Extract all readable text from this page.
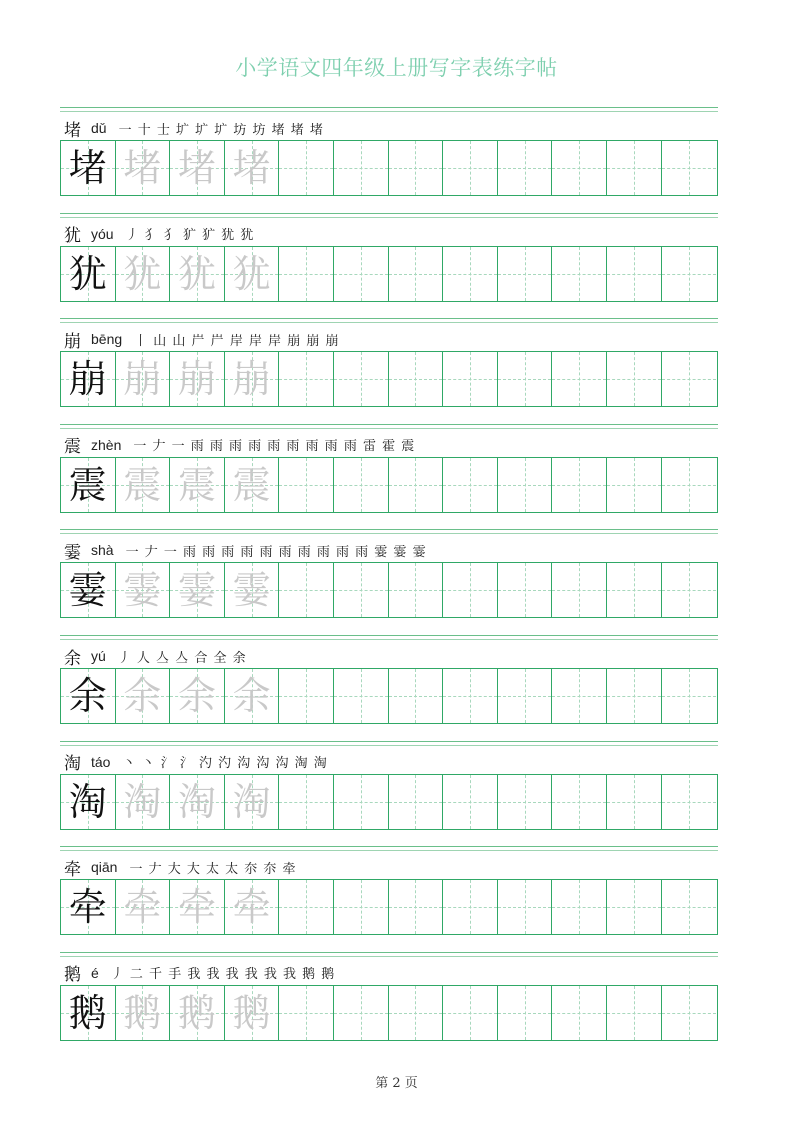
小学语文四年级上册写字表练字帖
堵 dǔ 一 十 士 圹 圹 圹 坊 坊 堵 堵 堵
堵 堵 堵 堵
犹 yóu 丿 犭 犭 犷 犷 犹 犹
犹 犹 犹 犹
崩 bēng 丨 山 山 屵 屵 岸 岸 岸 崩 崩 崩
崩 崩 崩 崩
震 zhèn 一 𠂇 一 雨 雨 雨 雨 雨 雨 雨 雨 雨 雷 霍 震
震 震 震 震
霎 shà 一 𠂇 一 雨 雨 雨 雨 雨 雨 雨 雨 雨 雨 霎 霎 霎
霎 霎 霎 霎
余 yú 丿 人 亼 亼 合 全 余
余 余 余 余
淘 táo 丶 丶 氵 氵 汋 汋 沟 沟 沟 淘 淘
淘 淘 淘 淘
牵 qiān 一 𠂇 大 大 太 太 夵 夵 牵
牵 牵 牵 牵
鹅 é 丿 二 千 手 我 我 我 我 我 我 鹅 鹅
鹅 鹅 鹅 鹅
第 2 页
